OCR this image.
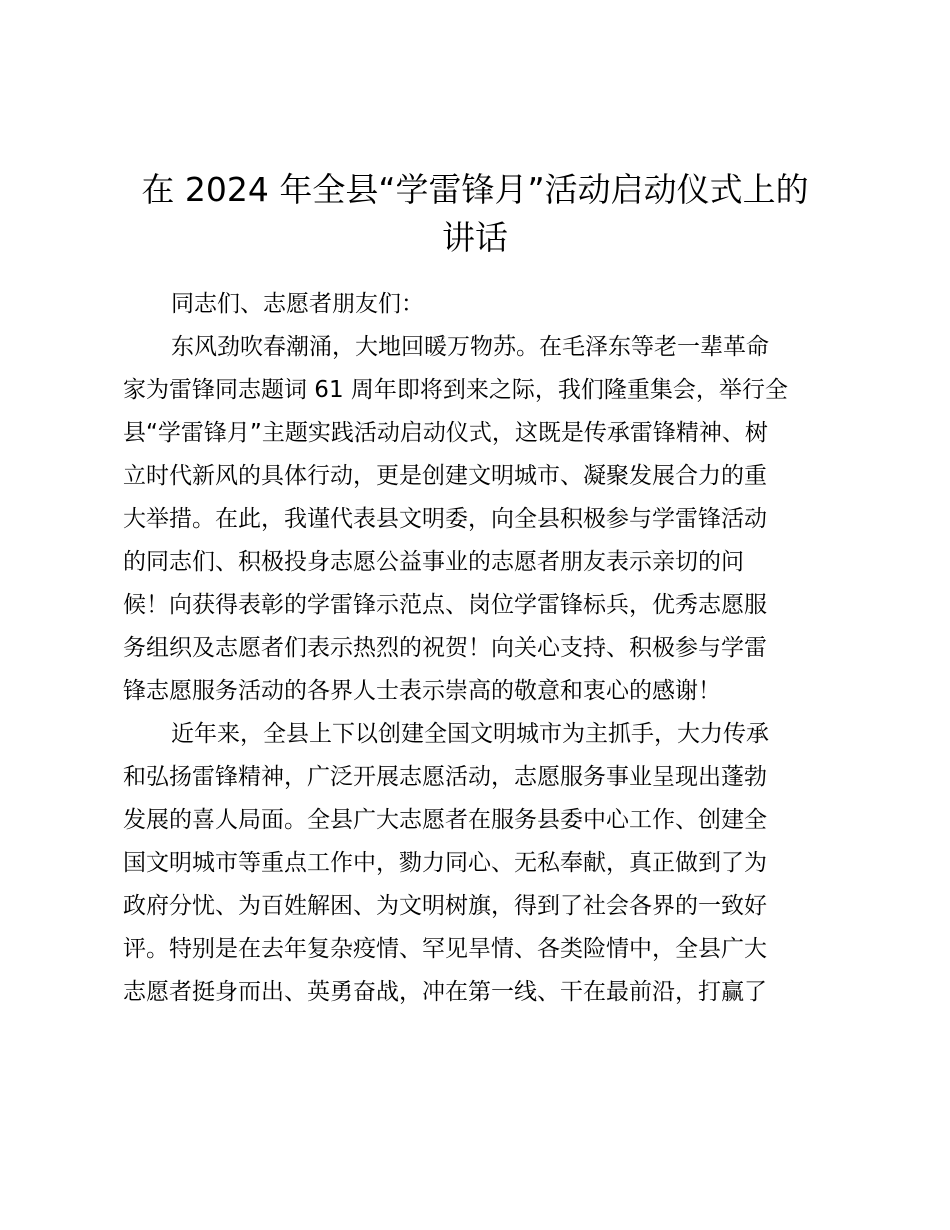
在 2024 年全县“学雷锋月”活动启动仪式上的
讲话
同志们、志愿者朋友们：
东风劲吹春潮涌，大地回暖万物苏。在毛泽东等老一辈革命
家为雷锋同志题词 61 周年即将到来之际，我们隆重集会，举行全
县“学雷锋月”主题实践活动启动仪式，这既是传承雷锋精神、树
立时代新风的具体行动，更是创建文明城市、凝聚发展合力的重
大举措。在此，我谨代表县文明委，向全县积极参与学雷锋活动
的同志们、积极投身志愿公益事业的志愿者朋友表示亲切的问
候！向获得表彰的学雷锋示范点、岗位学雷锋标兵，优秀志愿服
务组织及志愿者们表示热烈的祝贺！向关心支持、积极参与学雷
锋志愿服务活动的各界人士表示崇高的敬意和衷心的感谢！
近年来，全县上下以创建全国文明城市为主抓手，大力传承
和弘扬雷锋精神，广泛开展志愿活动，志愿服务事业呈现出蓬勃
发展的喜人局面。全县广大志愿者在服务县委中心工作、创建全
国文明城市等重点工作中，勠力同心、无私奉献，真正做到了为
政府分忧、为百姓解困、为文明树旗，得到了社会各界的一致好
评。特别是在去年复杂疫情、罕见旱情、各类险情中，全县广大
志愿者挺身而出、英勇奋战，冲在第一线、干在最前沿，打赢了
